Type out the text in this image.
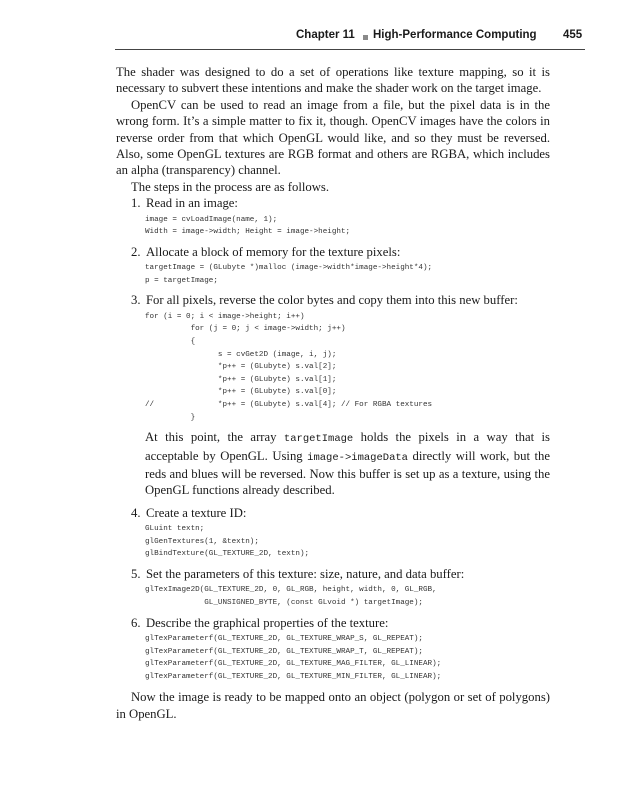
Chapter 11 High-Performance Computing 455

The shader was designed to do a set of operations like texture mapping, so it is necessary to subvert these intentions and make the shader work on the target image.

OpenCV can be used to read an image from a file, but the pixel data is in the wrong form. It’s a simple matter to fix it, though. OpenCV images have the colors in reverse order from that which OpenGL would like, and so they must be reversed. Also, some OpenGL textures are RGB format and others are RGBA, which includes an alpha (transparency) channel.

The steps in the process are as follows.

1. Read in an image:
image = cvLoadImage(name, 1);
Width = image->width; Height = image->height;
2. Allocate a block of memory for the texture pixels:
targetImage = (GLubyte *)malloc (image->width*image->height*4);
p = targetImage;
3. For all pixels, reverse the color bytes and copy them into this new buffer:
for (i = 0; i < image->height; i++)
for (j = 0; j < image->width; j++)
{
s = cvGet2D (image, i, j);
*p++ = (GLubyte) s.val[2];
*p++ = (GLubyte) s.val[1];
*p++ = (GLubyte) s.val[0];
//              *p++ = (GLubyte) s.val[4]; // For RGBA textures
}

At this point, the array targetImage holds the pixels in a way that is acceptable by OpenGL. Using image->imageData directly will work, but the reds and blues will be reversed. Now this buffer is set up as a texture, using the OpenGL functions already described.

4. Create a texture ID:
GLuint textn;
glGenTextures(1, &textn);
glBindTexture(GL_TEXTURE_2D, textn);
5. Set the parameters of this texture: size, nature, and data buffer:
glTexImage2D(GL_TEXTURE_2D, 0, GL_RGB, height, width, 0, GL_RGB,
GL_UNSIGNED_BYTE, (const GLvoid *) targetImage);
6. Describe the graphical properties of the texture:
glTexParameterf(GL_TEXTURE_2D, GL_TEXTURE_WRAP_S, GL_REPEAT);
glTexParameterf(GL_TEXTURE_2D, GL_TEXTURE_WRAP_T, GL_REPEAT);
glTexParameterf(GL_TEXTURE_2D, GL_TEXTURE_MAG_FILTER, GL_LINEAR);
glTexParameterf(GL_TEXTURE_2D, GL_TEXTURE_MIN_FILTER, GL_LINEAR);

Now the image is ready to be mapped onto an object (polygon or set of polygons) in OpenGL.
